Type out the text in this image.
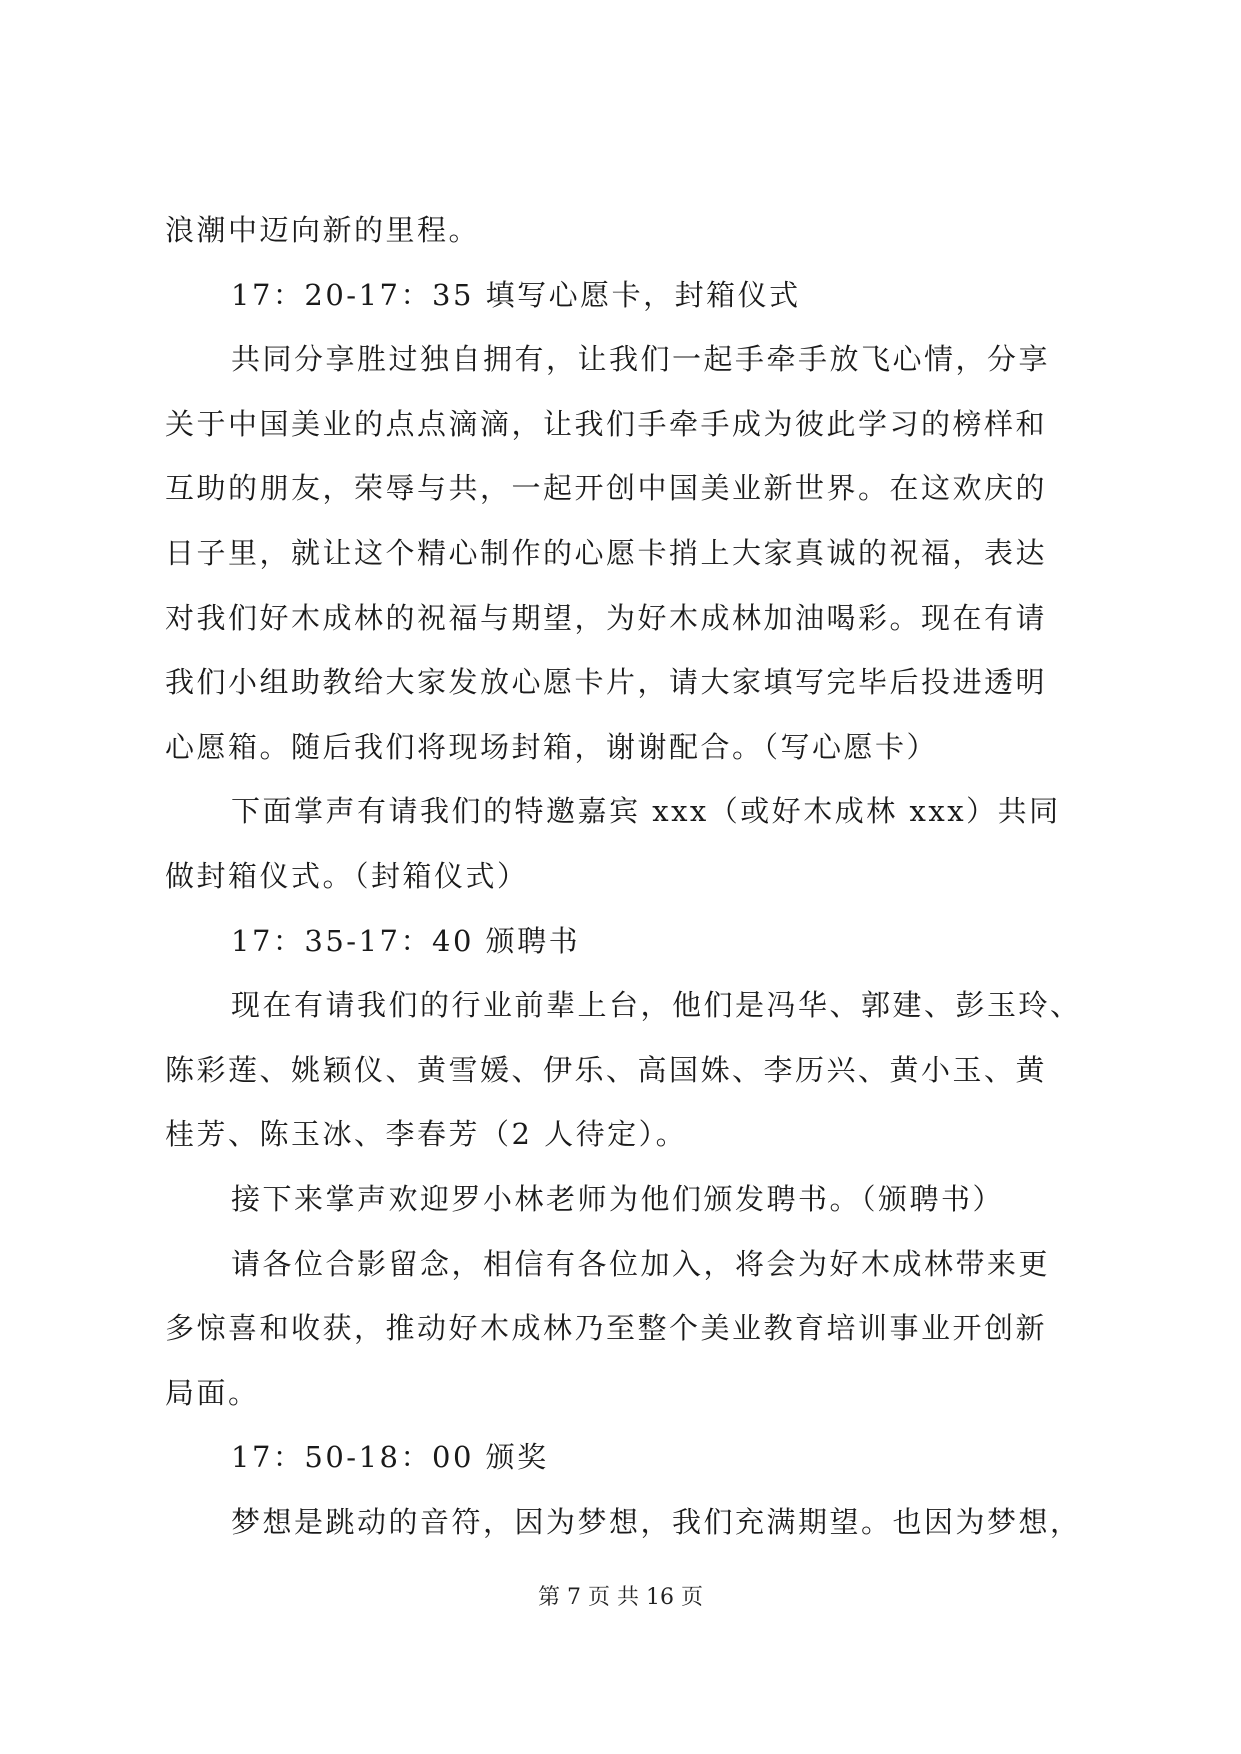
浪潮中迈向新的里程。
17：20-17：35 填写心愿卡，封箱仪式
共同分享胜过独自拥有，让我们一起手牵手放飞心情，分享
关于中国美业的点点滴滴，让我们手牵手成为彼此学习的榜样和
互助的朋友，荣辱与共，一起开创中国美业新世界。在这欢庆的
日子里，就让这个精心制作的心愿卡捎上大家真诚的祝福，表达
对我们好木成林的祝福与期望，为好木成林加油喝彩。现在有请
我们小组助教给大家发放心愿卡片，请大家填写完毕后投进透明
心愿箱。随后我们将现场封箱，谢谢配合。（写心愿卡）
下面掌声有请我们的特邀嘉宾 xxx（或好木成林 xxx）共同
做封箱仪式。（封箱仪式）
17：35-17：40 颁聘书
现在有请我们的行业前辈上台，他们是冯华、郭建、彭玉玲、
陈彩莲、姚颖仪、黄雪媛、伊乐、高国姝、李历兴、黄小玉、黄
桂芳、陈玉冰、李春芳（2 人待定）。
接下来掌声欢迎罗小林老师为他们颁发聘书。（颁聘书）
请各位合影留念，相信有各位加入，将会为好木成林带来更
多惊喜和收获，推动好木成林乃至整个美业教育培训事业开创新
局面。
17：50-18：00 颁奖
梦想是跳动的音符，因为梦想，我们充满期望。也因为梦想，
第 7 页 共 16 页
